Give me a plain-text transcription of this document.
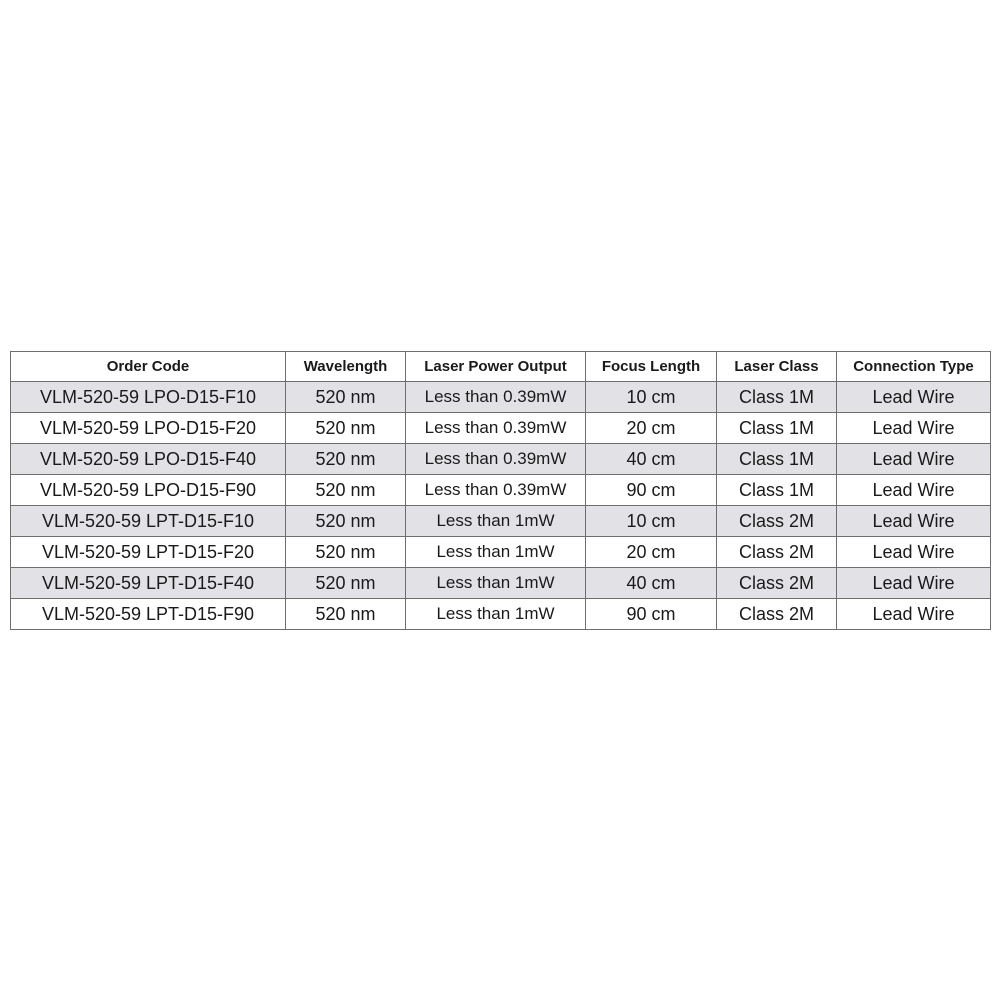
Order Code	Wavelength	Laser Power Output	Focus Length	Laser Class	Connection Type
VLM-520-59 LPO-D15-F10	520 nm	Less than 0.39mW	10 cm	Class 1M	Lead Wire
VLM-520-59 LPO-D15-F20	520 nm	Less than 0.39mW	20 cm	Class 1M	Lead Wire
VLM-520-59 LPO-D15-F40	520 nm	Less than 0.39mW	40 cm	Class 1M	Lead Wire
VLM-520-59 LPO-D15-F90	520 nm	Less than 0.39mW	90 cm	Class 1M	Lead Wire
VLM-520-59 LPT-D15-F10	520 nm	Less than 1mW	10 cm	Class 2M	Lead Wire
VLM-520-59 LPT-D15-F20	520 nm	Less than 1mW	20 cm	Class 2M	Lead Wire
VLM-520-59 LPT-D15-F40	520 nm	Less than 1mW	40 cm	Class 2M	Lead Wire
VLM-520-59 LPT-D15-F90	520 nm	Less than 1mW	90 cm	Class 2M	Lead Wire
